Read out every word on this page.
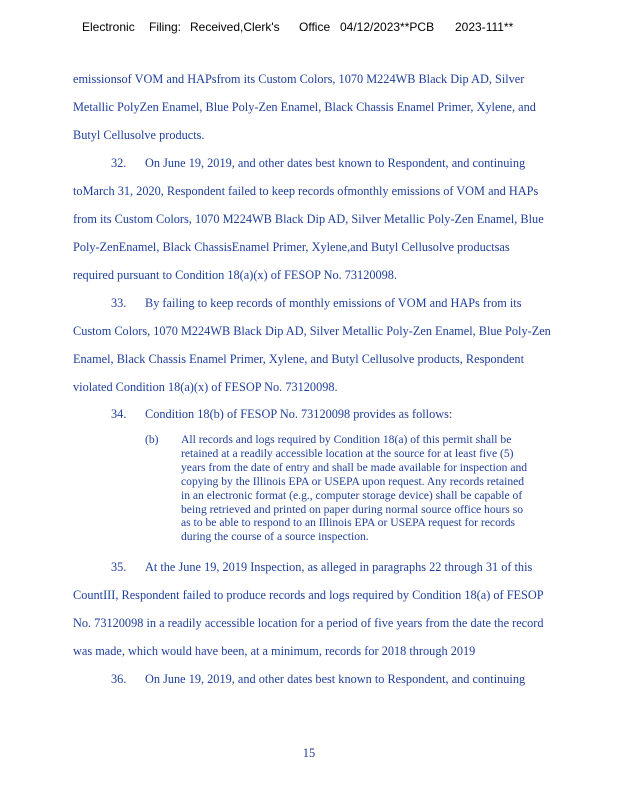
Electronic Filing: Received,Clerk's Office 04/12/2023**PCB 2023-111**
emissionsof VOM and HAPsfrom its Custom Colors, 1070 M224WB Black Dip AD, Silver
Metallic PolyZen Enamel, Blue Poly-Zen Enamel, Black Chassis Enamel Primer, Xylene, and
Butyl Cellusolve products.
32. On June 19, 2019, and other dates best known to Respondent, and continuing
toMarch 31, 2020, Respondent failed to keep records ofmonthly emissions of VOM and HAPs
from its Custom Colors, 1070 M224WB Black Dip AD, Silver Metallic Poly-Zen Enamel, Blue
Poly-ZenEnamel, Black ChassisEnamel Primer, Xylene,and Butyl Cellusolve productsas
required pursuant to Condition 18(a)(x) of FESOP No. 73120098.
33. By failing to keep records of monthly emissions of VOM and HAPs from its
Custom Colors, 1070 M224WB Black Dip AD, Silver Metallic Poly-Zen Enamel, Blue Poly-Zen
Enamel, Black Chassis Enamel Primer, Xylene, and Butyl Cellusolve products, Respondent
violated Condition 18(a)(x) of FESOP No. 73120098.
34. Condition 18(b) of FESOP No. 73120098 provides as follows:
(b) All records and logs required by Condition 18(a) of this permit shall be
retained at a readily accessible location at the source for at least five (5)
years from the date of entry and shall be made available for inspection and
copying by the Illinois EPA or USEPA upon request. Any records retained
in an electronic format (e.g., computer storage device) shall be capable of
being retrieved and printed on paper during normal source office hours so
as to be able to respond to an Illinois EPA or USEPA request for records
during the course of a source inspection.
35. At the June 19, 2019 Inspection, as alleged in paragraphs 22 through 31 of this
CountIII, Respondent failed to produce records and logs required by Condition 18(a) of FESOP
No. 73120098 in a readily accessible location for a period of five years from the date the record
was made, which would have been, at a minimum, records for 2018 through 2019
36. On June 19, 2019, and other dates best known to Respondent, and continuing
15
